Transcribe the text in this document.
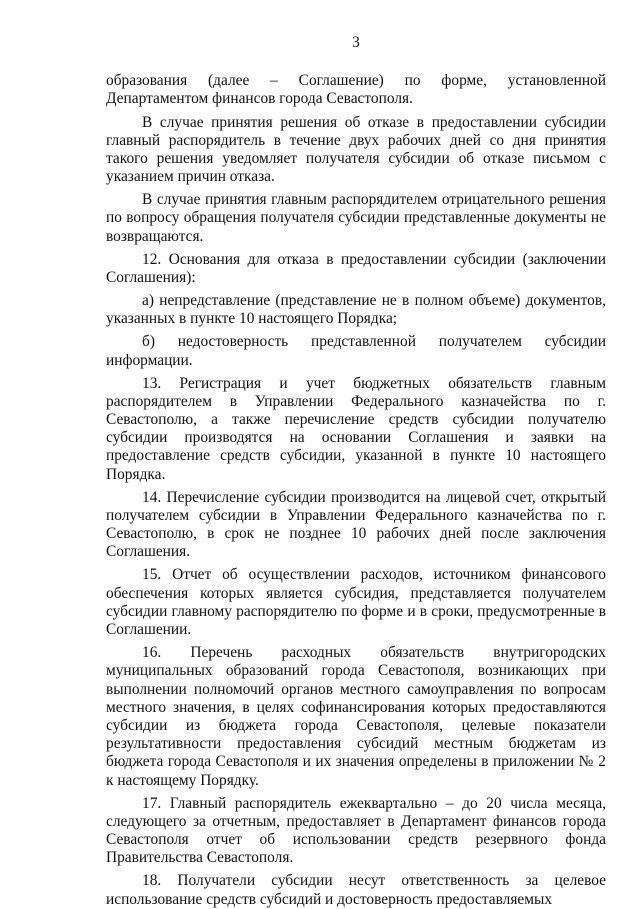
3

образования (далее – Соглашение) по форме, установленной Департаментом финансов города Севастополя.

В случае принятия решения об отказе в предоставлении субсидии главный распорядитель в течение двух рабочих дней со дня принятия такого решения уведомляет получателя субсидии об отказе письмом с указанием причин отказа.

В случае принятия главным распорядителем отрицательного решения по вопросу обращения получателя субсидии представленные документы не возвращаются.

12. Основания для отказа в предоставлении субсидии (заключении Соглашения):

а) непредставление (представление не в полном объеме) документов, указанных в пункте 10 настоящего Порядка;

б) недостоверность представленной получателем субсидии информации.

13. Регистрация и учет бюджетных обязательств главным распорядителем в Управлении Федерального казначейства по г. Севастополю, а также перечисление средств субсидии получателю субсидии производятся на основании Соглашения и заявки на предоставление средств субсидии, указанной в пункте 10 настоящего Порядка.

14. Перечисление субсидии производится на лицевой счет, открытый получателем субсидии в Управлении Федерального казначейства по г. Севастополю, в срок не позднее 10 рабочих дней после заключения Соглашения.

15. Отчет об осуществлении расходов, источником финансового обеспечения которых является субсидия, представляется получателем субсидии главному распорядителю по форме и в сроки, предусмотренные в Соглашении.

16. Перечень расходных обязательств внутригородских муниципальных образований города Севастополя, возникающих при выполнении полномочий органов местного самоуправления по вопросам местного значения, в целях софинансирования которых предоставляются субсидии из бюджета города Севастополя, целевые показатели результативности предоставления субсидий местным бюджетам из бюджета города Севастополя и их значения определены в приложении № 2 к настоящему Порядку.

17. Главный распорядитель ежеквартально – до 20 числа месяца, следующего за отчетным, предоставляет в Департамент финансов города Севастополя отчет об использовании средств резервного фонда Правительства Севастополя.

18. Получатели субсидии несут ответственность за целевое использование средств субсидий и достоверность предоставляемых
